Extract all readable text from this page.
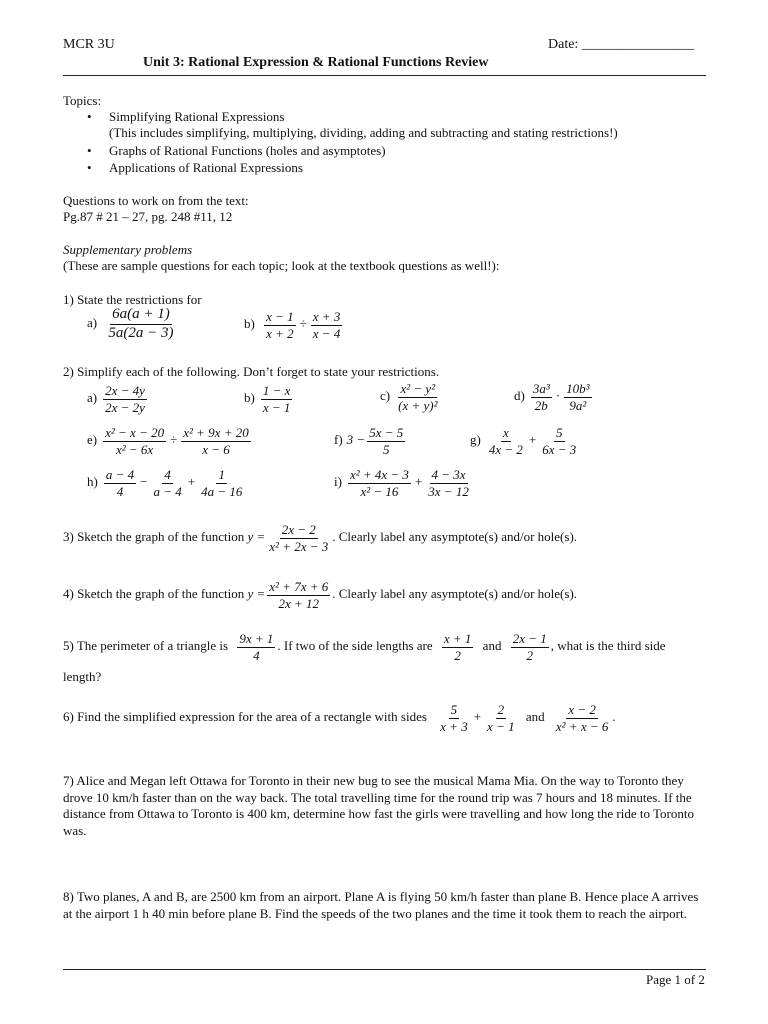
MCR 3U	Date: ________________
Unit 3: Rational Expression & Rational Functions Review
Topics:
• Simplifying Rational Expressions
(This includes simplifying, multiplying, dividing, adding and subtracting and stating restrictions!)
• Graphs of Rational Functions (holes and asymptotes)
• Applications of Rational Expressions
Questions to work on from the text:
Pg.87 # 21 – 27, pg. 248 #11, 12
Supplementary problems
(These are sample questions for each topic; look at the textbook questions as well!):
1) State the restrictions for
$a) \frac{6a(a + 1)}{5a(2a - 3)}$	$b) \frac{x - 1}{x + 2} \div \frac{x + 3}{x - 4}$
2) Simplify each of the following. Don’t forget to state your restrictions.
$a) \frac{2x - 4y}{2x - 2y}$	$b) \frac{1 - x}{x - 1}$	$c) \frac{\text{x² − y²}}{\text{(x + y)²}}$	$d) \frac{\text{3a³}}{2b} \cdot \frac{\text{10b³}}{\text{9a²}}$
$e) \frac{\text{x² − x − 20}}{\text{x² − 6x}} \div \frac{\text{x² + 9x + 20}}{x - 6}$	f) $3 - \frac{5x - 5}{5}$	$g) \frac{x}{4x - 2} + \frac{5}{6x - 3}$
$h) \frac{a - 4}{4} - \frac{4}{a - 4} + \frac{1}{4a - 16}$	$i) \frac{\text{x² + 4x − 3}}{\text{x² − 16}} + \frac{4 - 3x}{3x - 12}$
3) Sketch the graph of the function $y = \frac{2x - 2}{\text{x² + 2x − 3}}$ . Clearly label any asymptote(s) and/or hole(s).
4) Sketch the graph of the function $y = \frac{\text{x² + 7x + 6}}{2x + 12}$ . Clearly label any asymptote(s) and/or hole(s).
5) The perimeter of a triangle is $\frac{9x + 1}{4}$ . If two of the side lengths are $\frac{x + 1}{2}$ and $\frac{2x - 1}{2}$ , what is the third side
length?
6) Find the simplified expression for the area of a rectangle with sides $\frac{5}{x + 3} + \frac{2}{x - 1}$ and $\frac{x - 2}{\text{x² + x − 6}}$ .
7) Alice and Megan left Ottawa for Toronto in their new bug to see the musical Mama Mia. On the way to Toronto they drove 10 km/h faster than on the way back. The total travelling time for the round trip was 7 hours and 18 minutes. If the distance from Ottawa to Toronto is 400 km, determine how fast the girls were travelling and how long the ride to Toronto was.
8) Two planes, A and B, are 2500 km from an airport. Plane A is flying 50 km/h faster than plane B. Hence place A arrives at the airport 1 h 40 min before plane B. Find the speeds of the two planes and the time it took them to reach the airport.
Page 1 of 2
